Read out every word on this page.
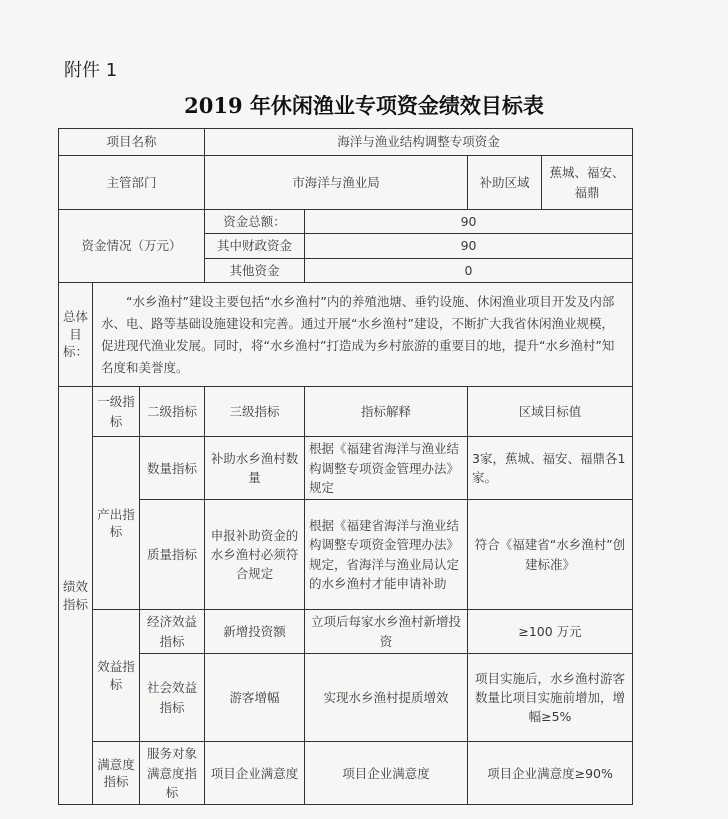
附件 1
2019 年休闲渔业专项资金绩效目标表
项目名称			海洋与渔业结构调整专项资金			
主管部门			市海洋与渔业局		补助区域	蕉城、福安、福鼎
资金情况（万元）			资金总额：	90		
			其中财政资金	90		
			其他资金	0		
总体目标：	“水乡渔村”建设主要包括“水乡渔村”内的养殖池塘、垂钓设施、休闲渔业项目开发及内部水、电、路等基础设施建设和完善。通过开展“水乡渔村”建设，不断扩大我省休闲渔业规模，促进现代渔业发展。同时，将“水乡渔村”打造成为乡村旅游的重要目的地，提升“水乡渔村”知名度和美誉度。					
绩效指标	一级指标	二级指标	三级指标	指标解释	区域目标值	
	产出指标	数量指标	补助水乡渔村数量	根据《福建省海洋与渔业结构调整专项资金管理办法》规定	3家，蕉城、福安、福鼎各1家。	
		质量指标	申报补助资金的水乡渔村必须符合规定	根据《福建省海洋与渔业结构调整专项资金管理办法》规定，省海洋与渔业局认定的水乡渔村才能申请补助	符合《福建省“水乡渔村”创建标准》	
	效益指标	经济效益指标	新增投资额	立项后每家水乡渔村新增投资	≥100 万元	
		社会效益指标	游客增幅	实现水乡渔村提质增效	项目实施后，水乡渔村游客数量比项目实施前增加，增幅≥5%	
	满意度指标	服务对象满意度指标	项目企业满意度	项目企业满意度	项目企业满意度≥90%	
